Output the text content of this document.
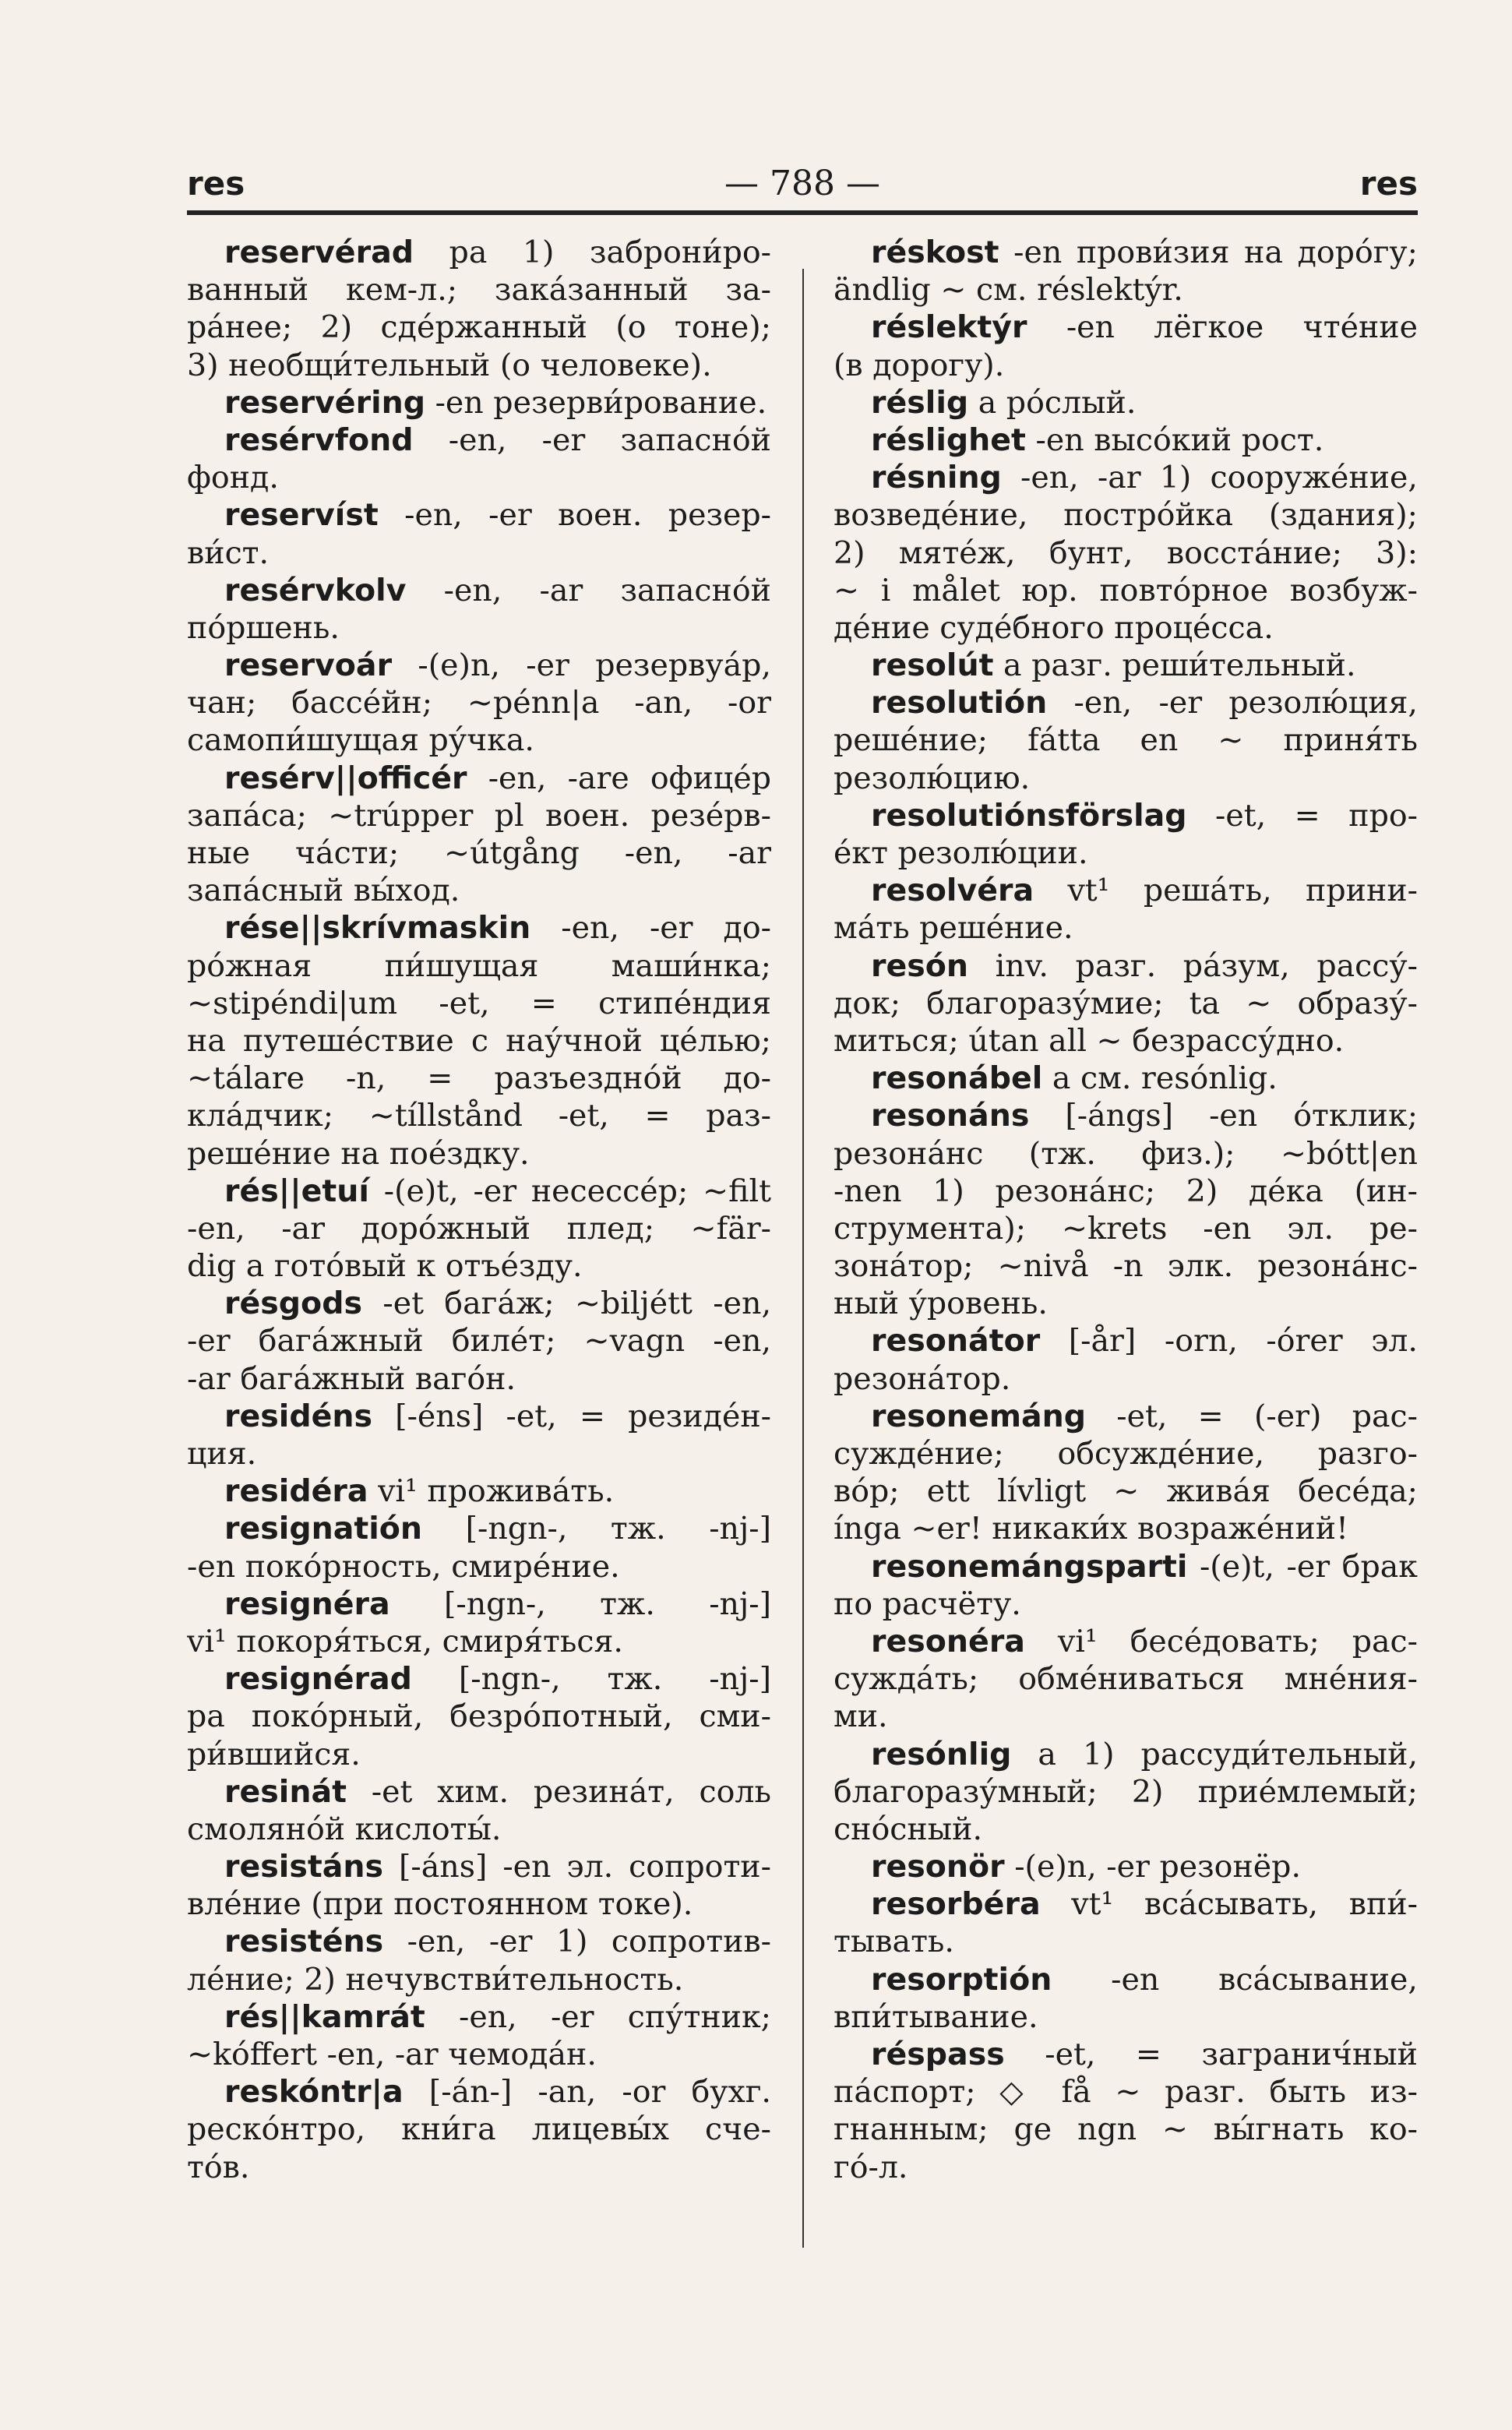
res	— 788 —	res
reservérad pa 1) заброни́ро-
ванный кем-л.; зака́занный за-
ра́нее; 2) сде́ржанный (о тоне);
3) необщи́тельный (о человеке).
reservéring -en резерви́рование.
resérvfond -en, -er запасно́й
фонд.
reservíst -en, -er воен. резер-
ви́ст.
resérvkolv -en, -ar запасно́й
по́ршень.
reservoár -(e)n, -er резервуа́р,
чан; бассе́йн; ~pénn|a -an, -or
самопи́шущая ру́чка.
resérv||officér -en, -are офице́р
запа́са; ~trúpper pl воен. резе́рв-
ные ча́сти; ~útgång -en, -ar
запа́сный вы́ход.
rése||skrívmaskin -en, -er до-
ро́жная пи́шущая маши́нка;
~stipéndi|um -et, = стипе́ндия
на путеше́ствие с нау́чной це́лью;
~tálare -n, = разъездно́й до-
кла́дчик; ~tíllstånd -et, = раз-
реше́ние на пое́здку.
rés||etuí -(e)t, -er несессе́р; ~filt
-en, -ar доро́жный плед; ~fär-
dig a гото́вый к отъе́зду.
résgods -et бага́ж; ~biljétt -en,
-er бага́жный биле́т; ~vagn -en,
-ar бага́жный ваго́н.
residéns [-éns] -et, = резиде́н-
ция.
residéra vi¹ прожива́ть.
resignatión [-ngn-, тж. -nj-]
-en поко́рность, смире́ние.
resignéra [-ngn-, тж. -nj-]
vi¹ покоря́ться, смиря́ться.
resignérad [-ngn-, тж. -nj-]
pa поко́рный, безро́потный, сми-
ри́вшийся.
resinát -et хим. резина́т, соль
смоляно́й кислоты́.
resistáns [-áns] -en эл. сопроти-
вле́ние (при постоянном токе).
resisténs -en, -er 1) сопротив-
ле́ние; 2) нечувстви́тельность.
rés||kamrát -en, -er спу́тник;
~kóffert -en, -ar чемода́н.
reskóntr|a [-án-] -an, -or бухг.
реско́нтро, кни́га лицевы́х сче-
то́в.
réskost -en прови́зия на доро́гу;
ändlig ~ см. réslektýr.
réslektýr -en лёгкое чте́ние
(в дорогу).
réslig a ро́слый.
réslighet -en высо́кий рост.
résning -en, -ar 1) сооруже́ние,
возведе́ние, постро́йка (здания);
2) мяте́ж, бунт, восста́ние; 3):
~ i målet юр. повто́рное возбуж-
де́ние суде́бного проце́сса.
resolút a разг. реши́тельный.
resolutión -en, -er резолю́ция,
реше́ние; fátta en ~ приня́ть
резолю́цию.
resolutiónsförslag -et, = про-
е́кт резолю́ции.
resolvéra vt¹ реша́ть, прини-
ма́ть реше́ние.
resón inv. разг. ра́зум, рассу́-
док; благоразу́мие; ta ~ образу́-
миться; útan all ~ безрассу́дно.
resonábel a см. resónlig.
resonáns [-ángs] -en о́тклик;
резона́нс (тж. физ.); ~bótt|en
-nen 1) резона́нс; 2) де́ка (ин-
струмента); ~krets -en эл. ре-
зона́тор; ~nivå -n элк. резона́нс-
ный у́ровень.
resonátor [-år] -orn, -órer эл.
резона́тор.
resonemáng -et, = (-er) рас-
сужде́ние; обсужде́ние, разго-
во́р; ett lívligt ~ жива́я бесе́да;
ínga ~er! никаки́х возраже́ний!
resonemángsparti -(e)t, -er брак
по расчёту.
resonéra vi¹ бесе́довать; рас-
сужда́ть; обме́ниваться мне́ния-
ми.
resónlig a 1) рассуди́тельный,
благоразу́мный; 2) прие́млемый;
сно́сный.
resonör -(e)n, -er резонёр.
resorbéra vt¹ вса́сывать, впи́-
тывать.
resorptión -en вса́сывание,
впи́тывание.
réspass -et, = загранич́ный
па́спорт; ◇ få ~ разг. быть из-
гнанным; ge ngn ~ вы́гнать ко-
го́-л.
